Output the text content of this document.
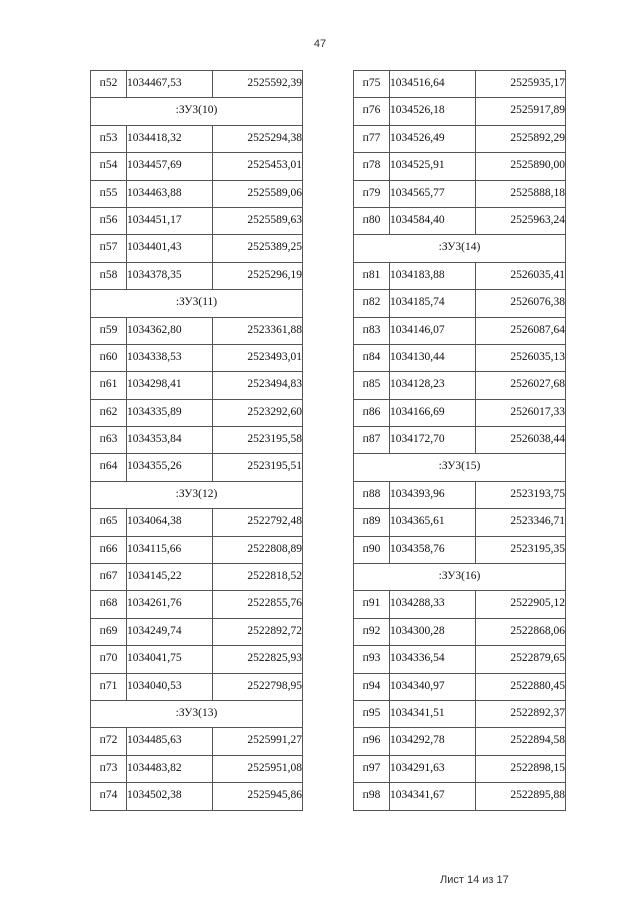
47
п52	1034467,53	2525592,39
:ЗУ3(10)		
п53	1034418,32	2525294,38
п54	1034457,69	2525453,01
п55	1034463,88	2525589,06
п56	1034451,17	2525589,63
п57	1034401,43	2525389,25
п58	1034378,35	2525296,19
:ЗУ3(11)		
п59	1034362,80	2523361,88
п60	1034338,53	2523493,01
п61	1034298,41	2523494,83
п62	1034335,89	2523292,60
п63	1034353,84	2523195,58
п64	1034355,26	2523195,51
:ЗУ3(12)		
п65	1034064,38	2522792,48
п66	1034115,66	2522808,89
п67	1034145,22	2522818,52
п68	1034261,76	2522855,76
п69	1034249,74	2522892,72
п70	1034041,75	2522825,93
п71	1034040,53	2522798,95
:ЗУ3(13)		
п72	1034485,63	2525991,27
п73	1034483,82	2525951,08
п74	1034502,38	2525945,86
п75	1034516,64	2525935,17
п76	1034526,18	2525917,89
п77	1034526,49	2525892,29
п78	1034525,91	2525890,00
п79	1034565,77	2525888,18
п80	1034584,40	2525963,24
:ЗУ3(14)		
п81	1034183,88	2526035,41
п82	1034185,74	2526076,38
п83	1034146,07	2526087,64
п84	1034130,44	2526035,13
п85	1034128,23	2526027,68
п86	1034166,69	2526017,33
п87	1034172,70	2526038,44
:ЗУ3(15)		
п88	1034393,96	2523193,75
п89	1034365,61	2523346,71
п90	1034358,76	2523195,35
:ЗУ3(16)		
п91	1034288,33	2522905,12
п92	1034300,28	2522868,06
п93	1034336,54	2522879,65
п94	1034340,97	2522880,45
п95	1034341,51	2522892,37
п96	1034292,78	2522894,58
п97	1034291,63	2522898,15
п98	1034341,67	2522895,88
Лист 14 из 17
